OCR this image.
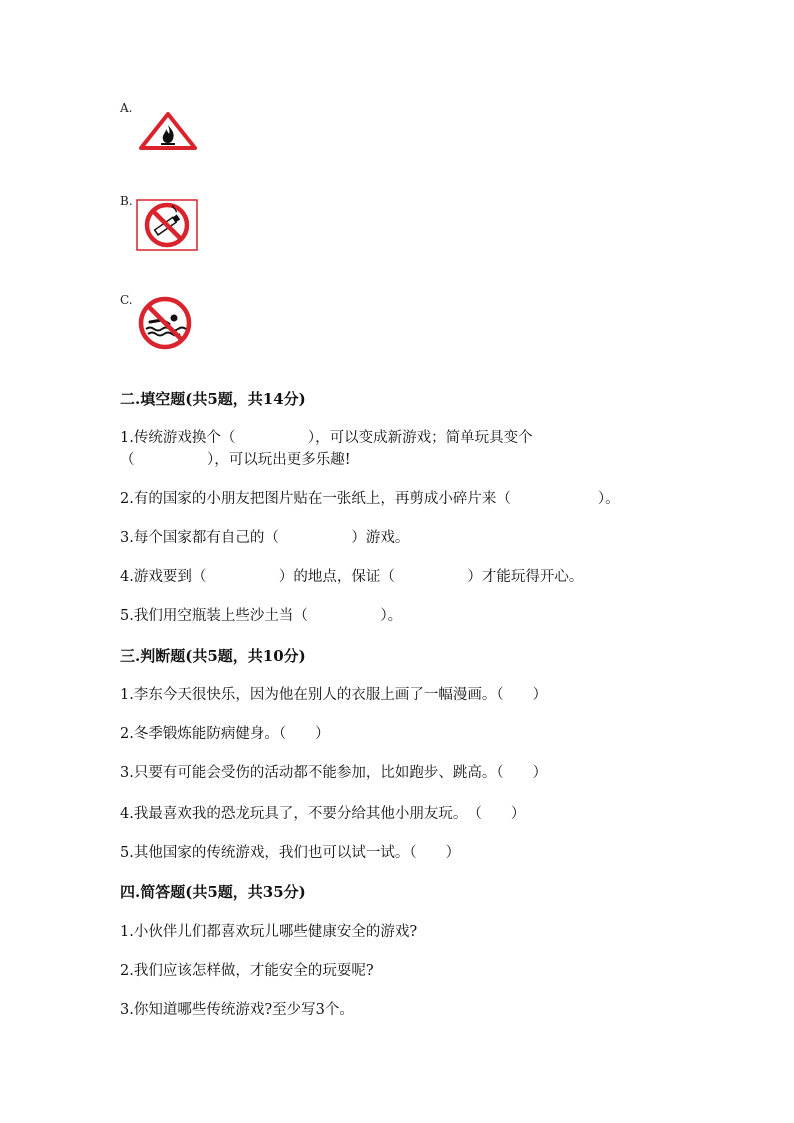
A.
B.
C.
二.填空题(共5题，共14分)
1.传统游戏换个（　　　　　），可以变成新游戏；简单玩具变个
（　　　　　），可以玩出更多乐趣!
2.有的国家的小朋友把图片贴在一张纸上，再剪成小碎片来（　　　　　　）。
3.每个国家都有自己的（　　　　　）游戏。
4.游戏要到（　　　　　）的地点，保证（　　　　　）才能玩得开心。
5.我们用空瓶装上些沙土当（　　　　　）。
三.判断题(共5题，共10分)
1.李东今天很快乐，因为他在别人的衣服上画了一幅漫画。（　　）
2.冬季锻炼能防病健身。（　　）
3.只要有可能会受伤的活动都不能参加，比如跑步、跳高。（　　）
4.我最喜欢我的恐龙玩具了，不要分给其他小朋友玩。　（　　）
5.其他国家的传统游戏，我们也可以试一试。（　　）
四.简答题(共5题，共35分)
1.小伙伴儿们都喜欢玩儿哪些健康安全的游戏?
2.我们应该怎样做，才能安全的玩耍呢?
3.你知道哪些传统游戏?至少写3个。
